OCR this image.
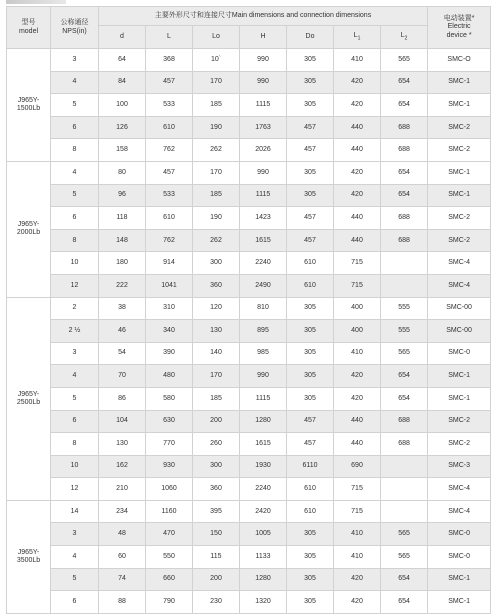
型号
model	公称通径
NPS(in)	主要外形尺寸和连接尺寸Main dimensions and connection dimensions							电动装置*
Electric
device *
		d	L	Lo	H	Do	$L_1$	$L_2$
J965Y-
1500Lb	3	64	368	10`	990	305	410	565	SMC-O
	4	84	457	170	990	305	420	654	SMC-1
	5	100	533	185	1115	305	420	654	SMC-1
	6	126	610	190	1763	457	440	688	SMC-2
	8	158	762	262	2026	457	440	688	SMC-2
J965Y-
2000Lb	4	80	457	170	990	305	420	654	SMC-1
	5	96	533	185	1115	305	420	654	SMC-1
	6	118	610	190	1423	457	440	688	SMC-2
	8	148	762	262	1615	457	440	688	SMC-2
	10	180	914	300	2240	610	715		SMC-4
	12	222	1041	360	2490	610	715		SMC-4
J965Y-
2500Lb	2	38	310	120	810	305	400	555	SMC-00
	2 ½	46	340	130	895	305	400	555	SMC-00
	3	54	390	140	985	305	410	565	SMC-0
	4	70	480	170	990	305	420	654	SMC-1
	5	86	580	185	1115	305	420	654	SMC-1
	6	104	630	200	1280	457	440	688	SMC-2
	8	130	770	260	1615	457	440	688	SMC-2
	10	162	930	300	1930	6110	690		SMC-3
	12	210	1060	360	2240	610	715		SMC-4
J965Y-
3500Lb	14	234	1160	395	2420	610	715		SMC-4
	3	48	470	150	1005	305	410	565	SMC-0
	4	60	550	115	1133	305	410	565	SMC-0
	5	74	660	200	1280	305	420	654	SMC-1
	6	88	790	230	1320	305	420	654	SMC-1
